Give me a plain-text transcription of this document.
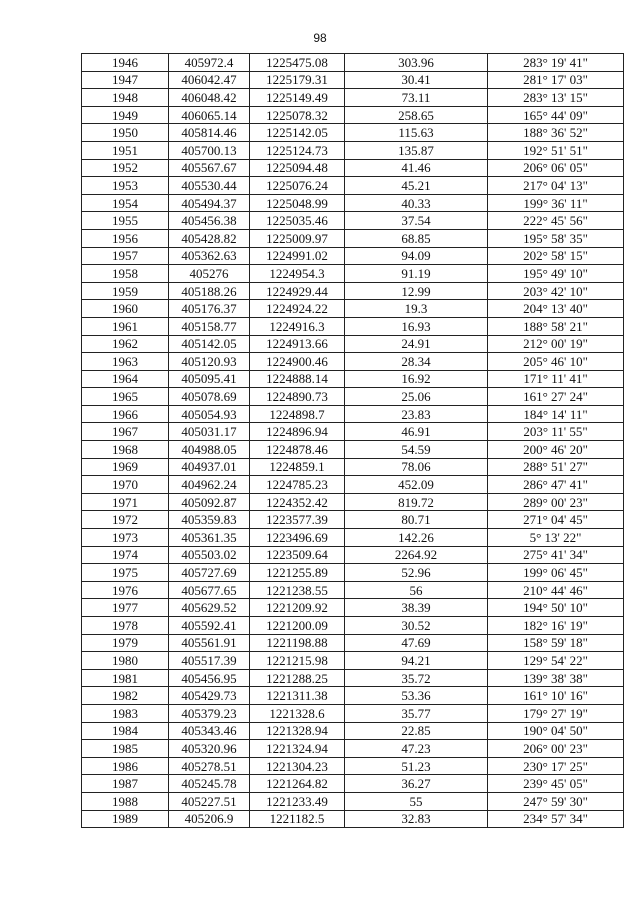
98
1946	405972.4	1225475.08	303.96	283° 19' 41"
1947	406042.47	1225179.31	30.41	281° 17' 03"
1948	406048.42	1225149.49	73.11	283° 13' 15"
1949	406065.14	1225078.32	258.65	165° 44' 09"
1950	405814.46	1225142.05	115.63	188° 36' 52"
1951	405700.13	1225124.73	135.87	192° 51' 51"
1952	405567.67	1225094.48	41.46	206° 06' 05"
1953	405530.44	1225076.24	45.21	217° 04' 13"
1954	405494.37	1225048.99	40.33	199° 36' 11"
1955	405456.38	1225035.46	37.54	222° 45' 56"
1956	405428.82	1225009.97	68.85	195° 58' 35"
1957	405362.63	1224991.02	94.09	202° 58' 15"
1958	405276	1224954.3	91.19	195° 49' 10"
1959	405188.26	1224929.44	12.99	203° 42' 10"
1960	405176.37	1224924.22	19.3	204° 13' 40"
1961	405158.77	1224916.3	16.93	188° 58' 21"
1962	405142.05	1224913.66	24.91	212° 00' 19"
1963	405120.93	1224900.46	28.34	205° 46' 10"
1964	405095.41	1224888.14	16.92	171° 11' 41"
1965	405078.69	1224890.73	25.06	161° 27' 24"
1966	405054.93	1224898.7	23.83	184° 14' 11"
1967	405031.17	1224896.94	46.91	203° 11' 55"
1968	404988.05	1224878.46	54.59	200° 46' 20"
1969	404937.01	1224859.1	78.06	288° 51' 27"
1970	404962.24	1224785.23	452.09	286° 47' 41"
1971	405092.87	1224352.42	819.72	289° 00' 23"
1972	405359.83	1223577.39	80.71	271° 04' 45"
1973	405361.35	1223496.69	142.26	5° 13' 22"
1974	405503.02	1223509.64	2264.92	275° 41' 34"
1975	405727.69	1221255.89	52.96	199° 06' 45"
1976	405677.65	1221238.55	56	210° 44' 46"
1977	405629.52	1221209.92	38.39	194° 50' 10"
1978	405592.41	1221200.09	30.52	182° 16' 19"
1979	405561.91	1221198.88	47.69	158° 59' 18"
1980	405517.39	1221215.98	94.21	129° 54' 22"
1981	405456.95	1221288.25	35.72	139° 38' 38"
1982	405429.73	1221311.38	53.36	161° 10' 16"
1983	405379.23	1221328.6	35.77	179° 27' 19"
1984	405343.46	1221328.94	22.85	190° 04' 50"
1985	405320.96	1221324.94	47.23	206° 00' 23"
1986	405278.51	1221304.23	51.23	230° 17' 25"
1987	405245.78	1221264.82	36.27	239° 45' 05"
1988	405227.51	1221233.49	55	247° 59' 30"
1989	405206.9	1221182.5	32.83	234° 57' 34"
